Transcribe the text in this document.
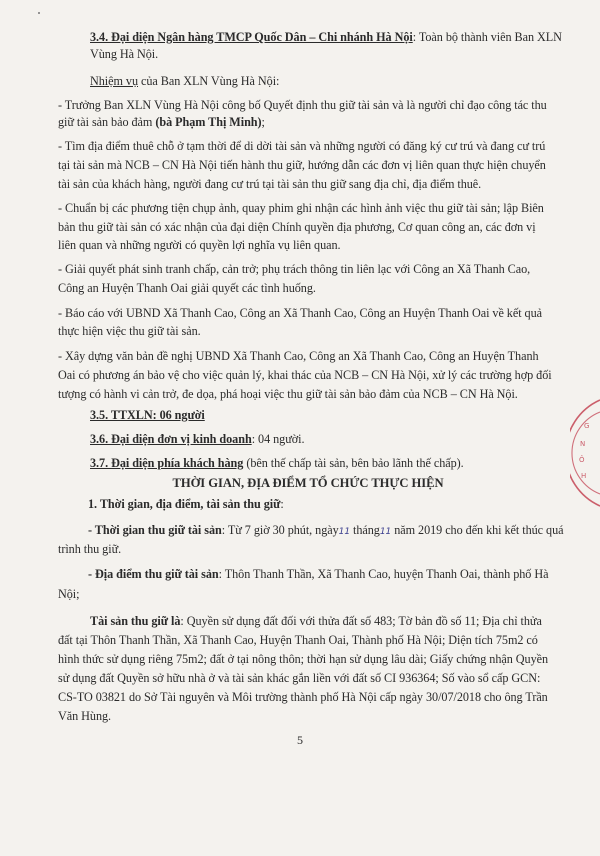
3.4. Đại diện Ngân hàng TMCP Quốc Dân – Chi nhánh Hà Nội: Toàn bộ thành viên Ban XLN
Vùng Hà Nội.
Nhiệm vụ của Ban XLN Vùng Hà Nội:
- Trưởng Ban XLN Vùng Hà Nội công bố Quyết định thu giữ tài sản và là người chỉ đạo công tác thu
giữ tài sản bảo đảm (bà Phạm Thị Minh);
- Tìm địa điểm thuê chỗ ở tạm thời để di dời tài sản và những người có đăng ký cư trú và đang cư trú
tại tài sản mà NCB – CN Hà Nội tiến hành thu giữ, hướng dẫn các đơn vị liên quan thực hiện chuyển
tài sản của khách hàng, người đang cư trú tại tài sản thu giữ sang địa chỉ, địa điểm thuê.
- Chuẩn bị các phương tiện chụp ảnh, quay phim ghi nhận các hình ảnh việc thu giữ tài sản; lập Biên
bản thu giữ tài sản có xác nhận của đại diện Chính quyền địa phương, Cơ quan công an, các đơn vị
liên quan và những người có quyền lợi nghĩa vụ liên quan.
- Giải quyết phát sinh tranh chấp, cản trở; phụ trách thông tin liên lạc với Công an Xã Thanh Cao,
Công an Huyện Thanh Oai giải quyết các tình huống.
- Báo cáo với UBND Xã Thanh Cao, Công an Xã Thanh Cao, Công an Huyện Thanh Oai về kết quả
thực hiện việc thu giữ tài sản.
- Xây dựng văn bản đề nghị UBND Xã Thanh Cao, Công an Xã Thanh Cao, Công an Huyện Thanh
Oai có phương án bảo vệ cho việc quản lý, khai thác của NCB – CN Hà Nội, xử lý các trường hợp đối
tượng có hành vi cản trở, đe dọa, phá hoại việc thu giữ tài sản bảo đảm của NCB – CN Hà Nội.
3.5. TTXLN: 06 người
3.6. Đại diện đơn vị kinh doanh: 04 người.
3.7. Đại diện phía khách hàng (bên thế chấp tài sản, bên bảo lãnh thế chấp).
THỜI GIAN, ĐỊA ĐIỂM TỔ CHỨC THỰC HIỆN
1. Thời gian, địa điểm, tài sản thu giữ:
- Thời gian thu giữ tài sản: Từ 7 giờ 30 phút, ngày11 tháng11 năm 2019 cho đến khi kết thúc quá
trình thu giữ.
- Địa điểm thu giữ tài sản: Thôn Thanh Thần, Xã Thanh Cao, huyện Thanh Oai, thành phố Hà
Nội;
Tài sản thu giữ là: Quyền sử dụng đất đối với thửa đất số 483; Tờ bản đồ số 11; Địa chỉ thửa
đất tại Thôn Thanh Thần, Xã Thanh Cao, Huyện Thanh Oai, Thành phố Hà Nội; Diện tích 75m2 có
hình thức sử dụng riêng 75m2; đất ở tại nông thôn; thời hạn sử dụng lâu dài; Giấy chứng nhận Quyền
sử dụng đất Quyền sở hữu nhà ở và tài sản khác gắn liền với đất số CI 936364; Số vào sổ cấp GCN:
CS-TO 03821 do Sở Tài nguyên và Môi trường thành phố Hà Nội cấp ngày 30/07/2018 cho ông Trần
Văn Hùng.
5
G
N
Ô
H
